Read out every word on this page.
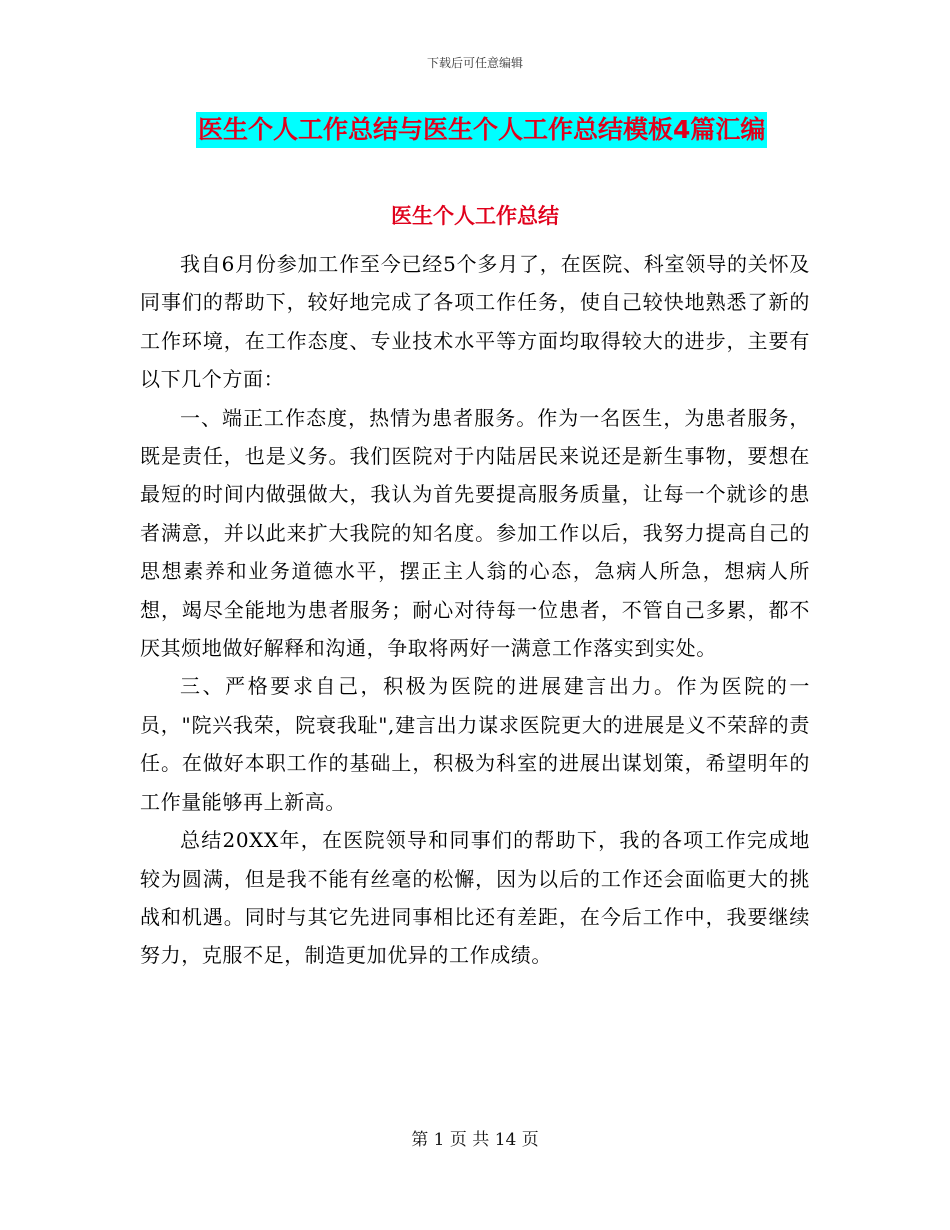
下载后可任意编辑
医生个人工作总结与医生个人工作总结模板4篇汇编
医生个人工作总结

我自6月份参加工作至今已经5个多月了，在医院、科室领导的关怀及同事们的帮助下，较好地完成了各项工作任务，使自己较快地熟悉了新的工作环境，在工作态度、专业技术水平等方面均取得较大的进步，主要有以下几个方面：

一、端正工作态度，热情为患者服务。作为一名医生，为患者服务，既是责任，也是义务。我们医院对于内陆居民来说还是新生事物，要想在最短的时间内做强做大，我认为首先要提高服务质量，让每一个就诊的患者满意，并以此来扩大我院的知名度。参加工作以后，我努力提高自己的思想素养和业务道德水平，摆正主人翁的心态，急病人所急，想病人所想，竭尽全能地为患者服务；耐心对待每一位患者，不管自己多累，都不厌其烦地做好解释和沟通，争取将两好一满意工作落实到实处。

三、严格要求自己，积极为医院的进展建言出力。作为医院的一员，"院兴我荣，院衰我耻",建言出力谋求医院更大的进展是义不荣辞的责任。在做好本职工作的基础上，积极为科室的进展出谋划策，希望明年的工作量能够再上新高。

总结20XX年，在医院领导和同事们的帮助下，我的各项工作完成地较为圆满，但是我不能有丝毫的松懈，因为以后的工作还会面临更大的挑战和机遇。同时与其它先进同事相比还有差距，在今后工作中，我要继续努力，克服不足，制造更加优异的工作成绩。

第 1 页 共 14 页
